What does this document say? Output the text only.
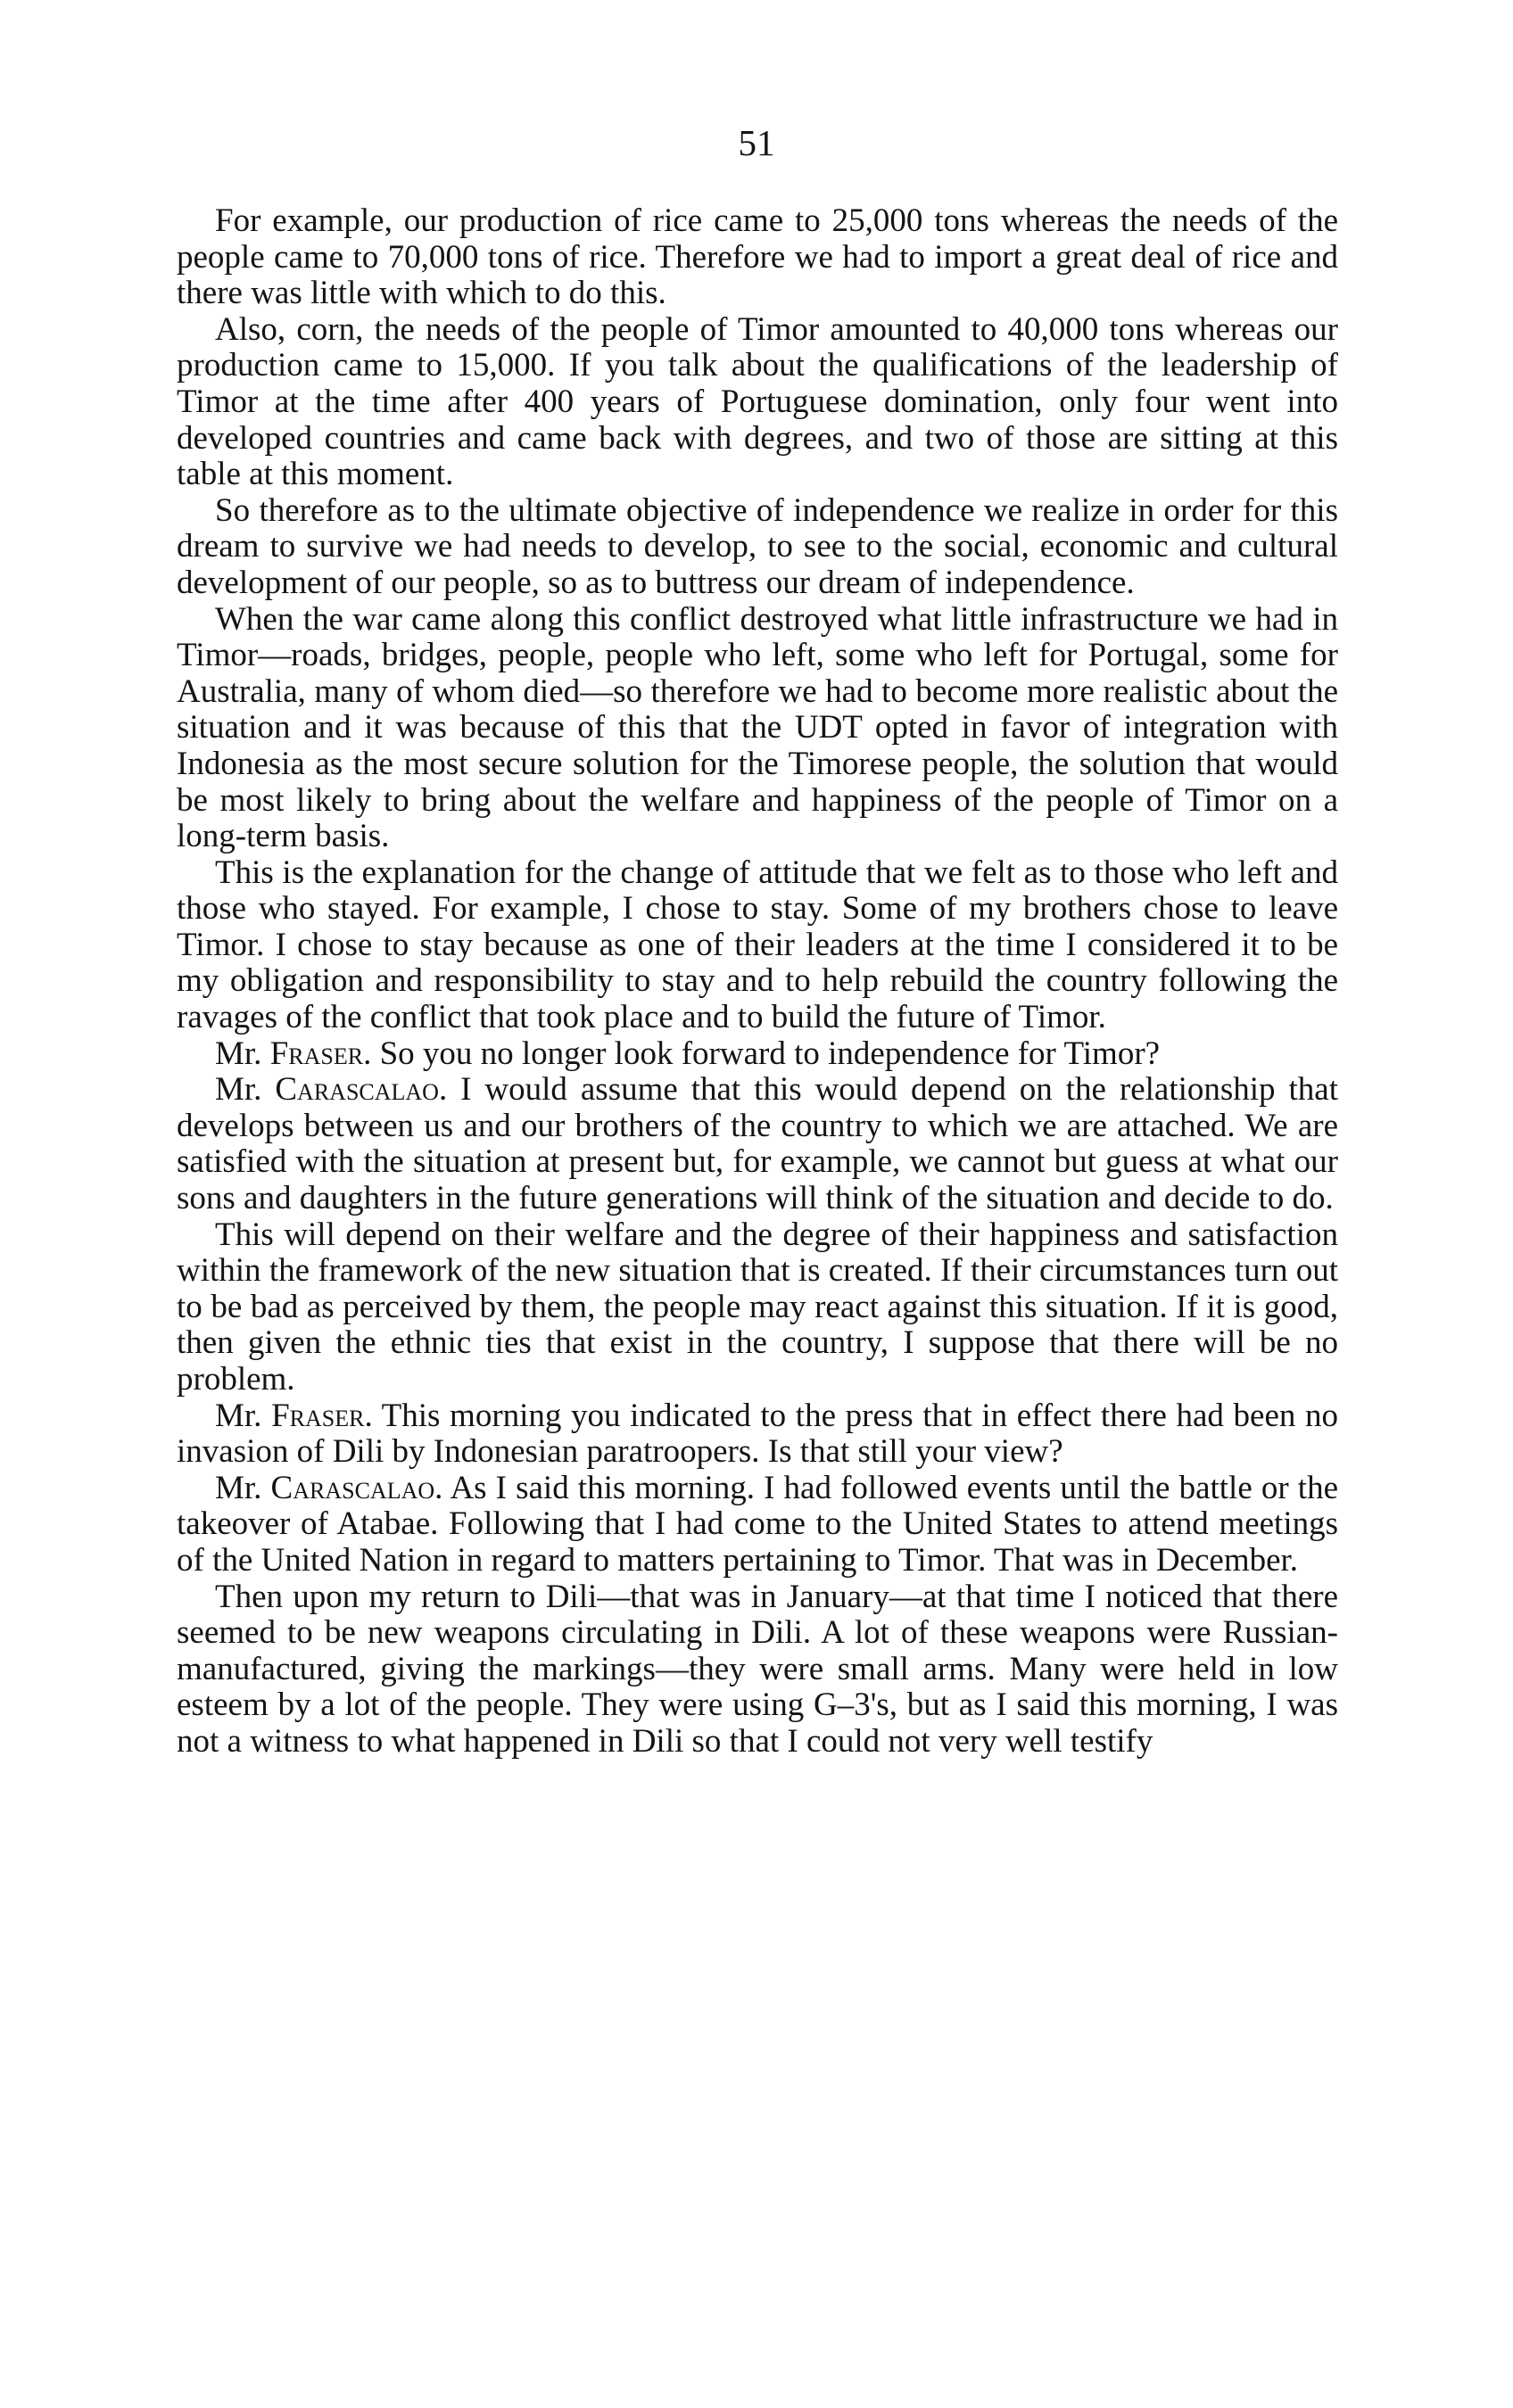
51

For example, our production of rice came to 25,000 tons whereas the needs of the people came to 70,000 tons of rice. Therefore we had to import a great deal of rice and there was little with which to do this.

Also, corn, the needs of the people of Timor amounted to 40,000 tons whereas our production came to 15,000. If you talk about the qualifications of the leadership of Timor at the time after 400 years of Portuguese domination, only four went into developed countries and came back with degrees, and two of those are sitting at this table at this moment.

So therefore as to the ultimate objective of independence we realize in order for this dream to survive we had needs to develop, to see to the social, economic and cultural development of our people, so as to buttress our dream of independence.

When the war came along this conflict destroyed what little infrastructure we had in Timor—roads, bridges, people, people who left, some who left for Portugal, some for Australia, many of whom died—so therefore we had to become more realistic about the situation and it was because of this that the UDT opted in favor of integration with Indonesia as the most secure solution for the Timorese people, the solution that would be most likely to bring about the welfare and happiness of the people of Timor on a long-term basis.

This is the explanation for the change of attitude that we felt as to those who left and those who stayed. For example, I chose to stay. Some of my brothers chose to leave Timor. I chose to stay because as one of their leaders at the time I considered it to be my obligation and responsibility to stay and to help rebuild the country following the ravages of the conflict that took place and to build the future of Timor.

Mr. Fraser. So you no longer look forward to independence for Timor?

Mr. Carascalao. I would assume that this would depend on the relationship that develops between us and our brothers of the country to which we are attached. We are satisfied with the situation at present but, for example, we cannot but guess at what our sons and daughters in the future generations will think of the situation and decide to do.

This will depend on their welfare and the degree of their happiness and satisfaction within the framework of the new situation that is created. If their circumstances turn out to be bad as perceived by them, the people may react against this situation. If it is good, then given the ethnic ties that exist in the country, I suppose that there will be no problem.

Mr. Fraser. This morning you indicated to the press that in effect there had been no invasion of Dili by Indonesian paratroopers. Is that still your view?

Mr. Carascalao. As I said this morning. I had followed events until the battle or the takeover of Atabae. Following that I had come to the United States to attend meetings of the United Nation in regard to matters pertaining to Timor. That was in December.

Then upon my return to Dili—that was in January—at that time I noticed that there seemed to be new weapons circulating in Dili. A lot of these weapons were Russian-manufactured, giving the markings—they were small arms. Many were held in low esteem by a lot of the people. They were using G–3's, but as I said this morning, I was not a witness to what happened in Dili so that I could not very well testify
